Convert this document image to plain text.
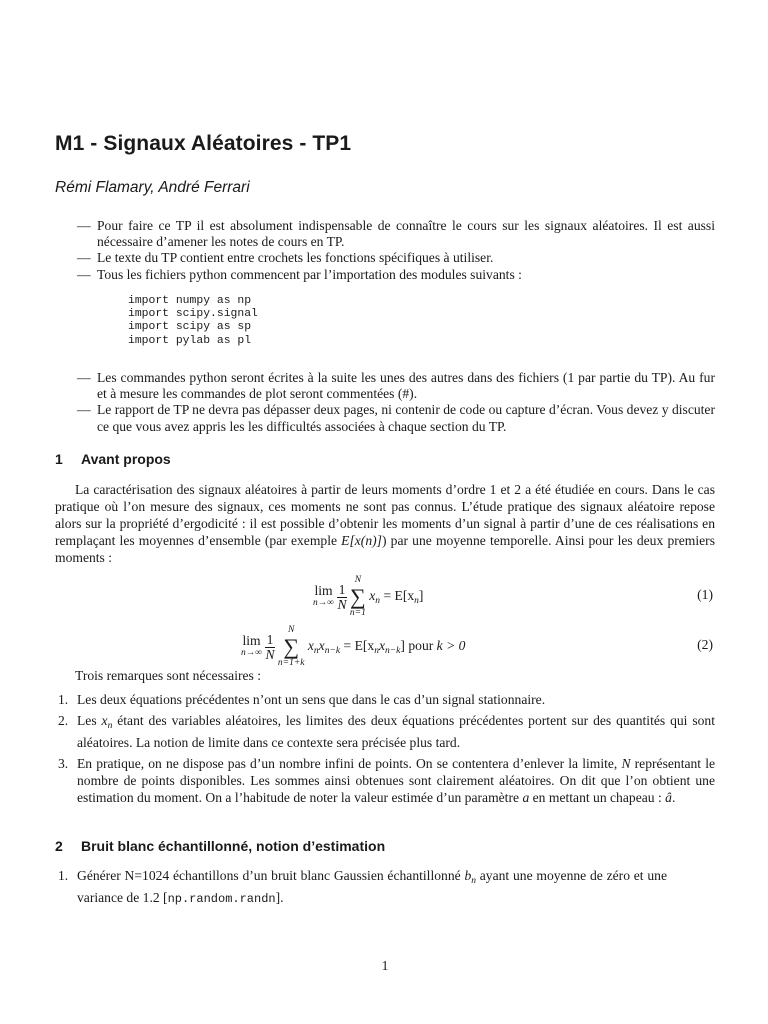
M1 - Signaux Aléatoires - TP1
Rémi Flamary, André Ferrari
— Pour faire ce TP il est absolument indispensable de connaître le cours sur les signaux aléatoires. Il est aussi nécessaire d’amener les notes de cours en TP.
— Le texte du TP contient entre crochets les fonctions spécifiques à utiliser.
— Tous les fichiers python commencent par l’importation des modules suivants :
import numpy as np
import scipy.signal
import scipy as sp
import pylab as pl
— Les commandes python seront écrites à la suite les unes des autres dans des fichiers (1 par partie du TP). Au fur et à mesure les commandes de plot seront commentées (#).
— Le rapport de TP ne devra pas dépasser deux pages, ni contenir de code ou capture d’écran. Vous devez y discuter ce que vous avez appris les les difficultés associées à chaque section du TP.
1 Avant propos

La caractérisation des signaux aléatoires à partir de leurs moments d’ordre 1 et 2 a été étudiée en cours. Dans le cas pratique où l’on mesure des signaux, ces moments ne sont pas connus. L’étude pratique des signaux aléatoire repose alors sur la propriété d’ergodicité : il est possible d’obtenir les moments d’un signal à partir d’une de ces réalisations en remplaçant les moyennes d’ensemble (par exemple E[x(n)]) par une moyenne temporelle. Ainsi pour les deux premiers moments :

lim
n→∞
$\frac{1}{N}$

N
∑
n=1
$x_n = E[x_n]$	(1)
lim
n→∞
$\frac{1}{N}$

N
∑
n=1+k
$x_nx_{n-k} = E[x_nx_{n-k}]$ pour k > 0	(2)

Trois remarques sont nécessaires :

1. Les deux équations précédentes n’ont un sens que dans le cas d’un signal stationnaire.
2. Les $x_n$ étant des variables aléatoires, les limites des deux équations précédentes portent sur des quantités qui sont aléatoires. La notion de limite dans ce contexte sera précisée plus tard.
3. En pratique, on ne dispose pas d’un nombre infini de points. On se contentera d’enlever la limite, N représentant le nombre de points disponibles. Les sommes ainsi obtenues sont clairement aléatoires. On dit que l’on obtient une estimation du moment. On a l’habitude de noter la valeur estimée d’un paramètre a en mettant un chapeau : â.
2 Bruit blanc échantillonné, notion d’estimation
1. Générer N=1024 échantillons d’un bruit blanc Gaussien échantillonné $b_n$ ayant une moyenne de zéro et une variance de 1.2 [np.random.randn].
1
